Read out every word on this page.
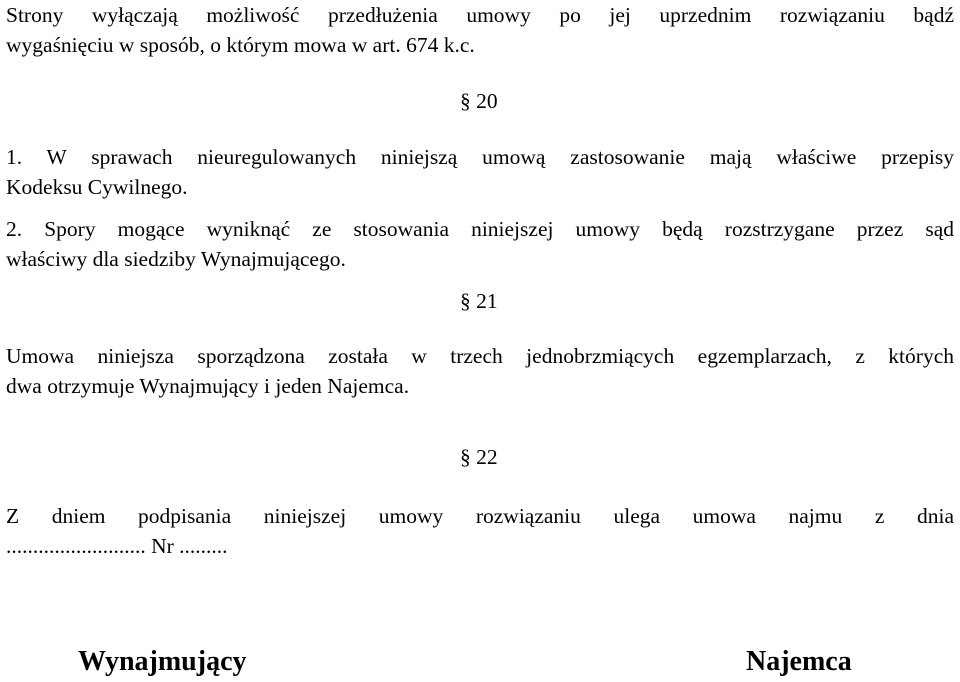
Strony wyłączają możliwość przedłużenia umowy po jej uprzednim rozwiązaniu bądź
wygaśnięciu w sposób, o którym mowa w art. 674 k.c.
§ 20
1. W sprawach nieuregulowanych niniejszą umową zastosowanie mają właściwe przepisy
Kodeksu Cywilnego.
2. Spory mogące wyniknąć ze stosowania niniejszej umowy będą rozstrzygane przez sąd
właściwy dla siedziby Wynajmującego.
§ 21
Umowa niniejsza sporządzona została w trzech jednobrzmiących egzemplarzach, z których
dwa otrzymuje Wynajmujący i jeden Najemca.
§ 22
Z dniem podpisania niniejszej umowy rozwiązaniu ulega umowa najmu z dnia
.......................... Nr .........
Wynajmujący	Najemca
